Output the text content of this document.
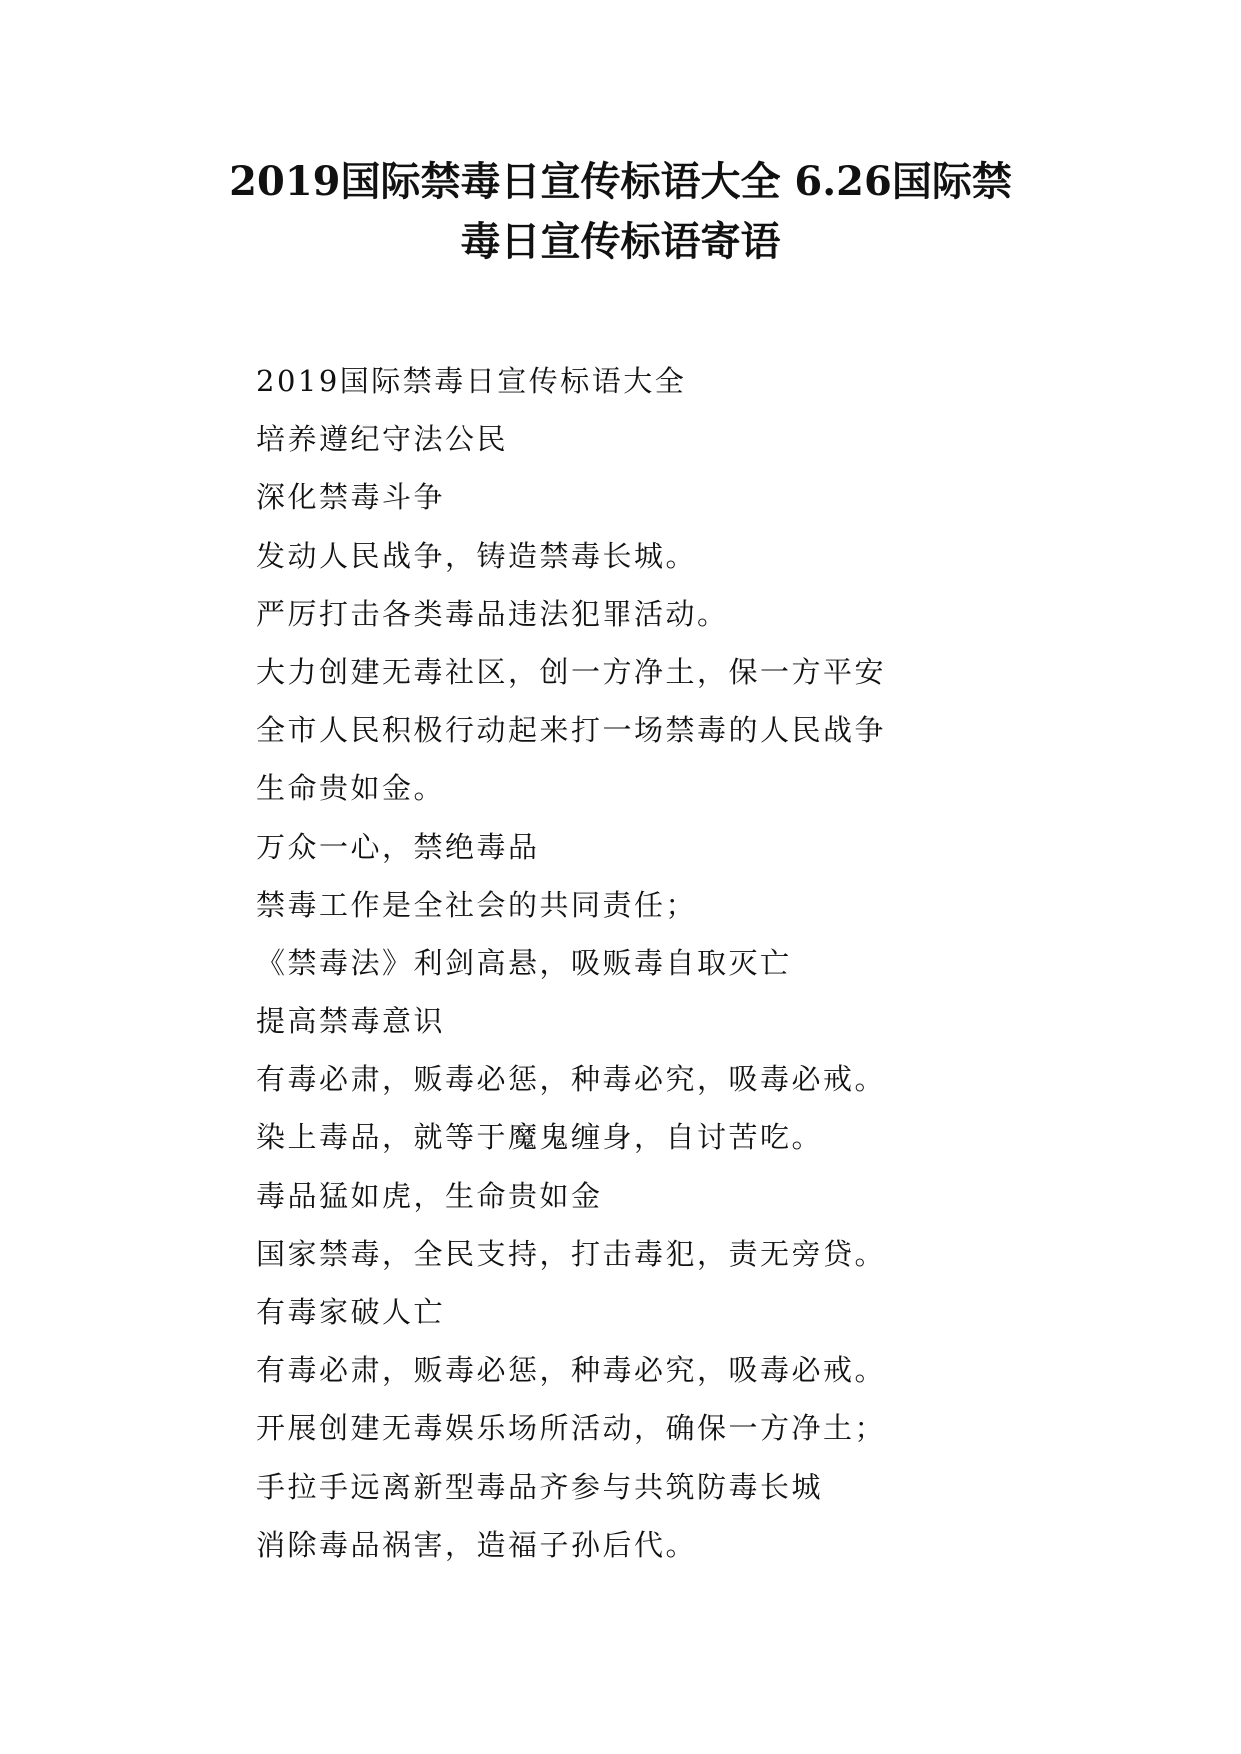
2019国际禁毒日宣传标语大全 6.26国际禁
毒日宣传标语寄语
2019国际禁毒日宣传标语大全
培养遵纪守法公民
深化禁毒斗争
发动人民战争，铸造禁毒长城。
严厉打击各类毒品违法犯罪活动。
大力创建无毒社区，创一方净土，保一方平安
全市人民积极行动起来打一场禁毒的人民战争
生命贵如金。
万众一心，禁绝毒品
禁毒工作是全社会的共同责任；
《禁毒法》利剑高悬，吸贩毒自取灭亡
提高禁毒意识
有毒必肃，贩毒必惩，种毒必究，吸毒必戒。
染上毒品，就等于魔鬼缠身，自讨苦吃。
毒品猛如虎，生命贵如金
国家禁毒，全民支持，打击毒犯，责无旁贷。
有毒家破人亡
有毒必肃，贩毒必惩，种毒必究，吸毒必戒。
开展创建无毒娱乐场所活动，确保一方净土；
手拉手远离新型毒品齐参与共筑防毒长城
消除毒品祸害，造福子孙后代。
